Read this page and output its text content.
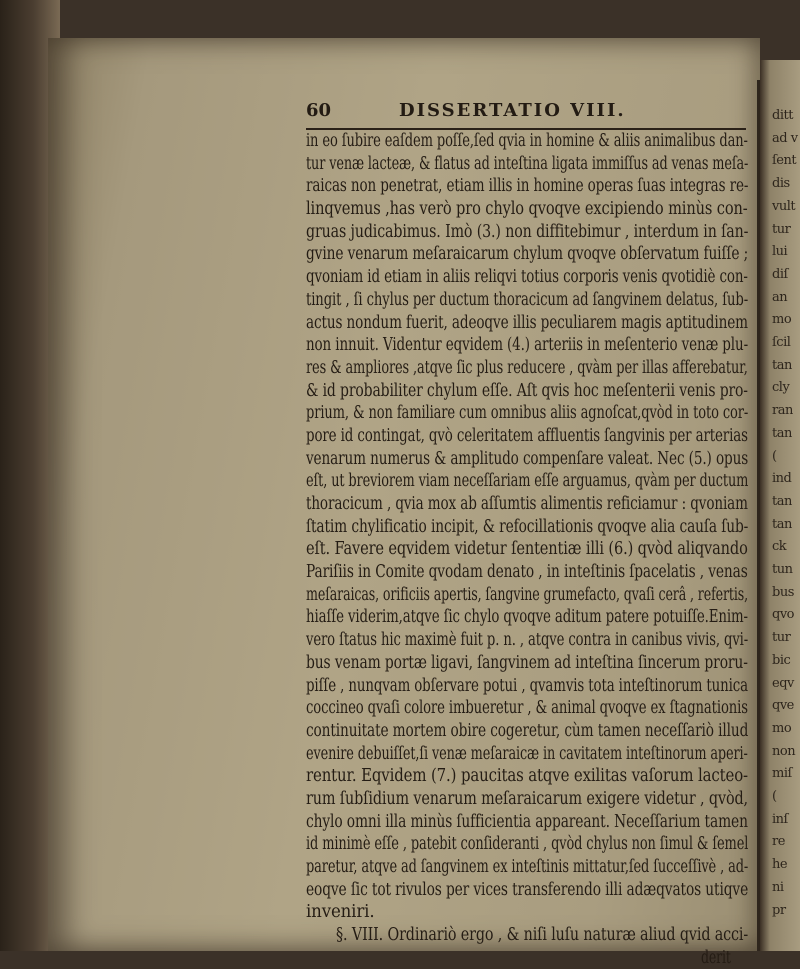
60	DISSERTATIO VIII.
in eo ſubire eaſdem poſſe,ſed qvia in homine & aliis animalibus dan-
tur venæ lacteæ, & flatus ad inteſtina ligata immiſſus ad venas meſa-
raicas non penetrat, etiam illis in homine operas ſuas integras re-
linqvemus ,has verò pro chylo qvoqve excipiendo minùs con-
gruas judicabimus. Imò (3.) non diffitebimur , interdum in ſan-
gvine venarum meſaraicarum chylum qvoqve obſervatum fuiſſe ;
qvoniam id etiam in aliis reliqvi totius corporis venis qvotidiè con-
tingit , ſi chylus per ductum thoracicum ad ſangvinem delatus, ſub-
actus nondum fuerit, adeoqve illis peculiarem magis aptitudinem
non innuit. Videntur eqvidem (4.) arteriis in meſenterio venæ plu-
res & ampliores ,atqve ſic plus reducere , qvàm per illas afferebatur,
& id probabiliter chylum eſſe. Aſt qvis hoc meſenterii venis pro-
prium, & non familiare cum omnibus aliis agnoſcat,qvòd in toto cor-
pore id contingat, qvò celeritatem affluentis ſangvinis per arterias
venarum numerus & amplitudo compenſare valeat. Nec (5.) opus
eſt, ut breviorem viam neceſſariam eſſe arguamus, qvàm per ductum
thoracicum , qvia mox ab aſſumtis alimentis reficiamur : qvoniam
ſtatim chylificatio incipit, & refocillationis qvoqve alia cauſa ſub-
eſt. Favere eqvidem videtur ſententiæ illi (6.) qvòd aliqvando
Pariſiis in Comite qvodam denato , in inteſtinis ſpacelatis , venas
meſaraicas, orificiis apertis, ſangvine grumefacto, qvaſi cerâ , refertis,
hiaſſe viderim,atqve ſic chylo qvoqve aditum patere potuiſſe.Enim-
vero ſtatus hic maximè fuit p. n. , atqve contra in canibus vivis, qvi-
bus venam portæ ligavi, ſangvinem ad inteſtina ſincerum proru-
piſſe , nunqvam obſervare potui , qvamvis tota inteſtinorum tunica
coccineo qvaſi colore imbueretur , & animal qvoqve ex ſtagnationis
continuitate mortem obire cogeretur, cùm tamen neceſſariò illud
evenire debuiſſet,ſi venæ meſaraicæ in cavitatem inteſtinorum aperi-
rentur. Eqvidem (7.) paucitas atqve exilitas vaſorum lacteo-
rum ſubſidium venarum meſaraicarum exigere videtur , qvòd,
chylo omni illa minùs ſufficientia appareant. Neceſſarium tamen
id minimè eſſe , patebit conſideranti , qvòd chylus non ſimul & ſemel
paretur, atqve ad ſangvinem ex inteſtinis mittatur,ſed ſucceſſivè , ad-
eoqve ſic tot rivulos per vices transferendo illi adæqvatos utiqve
inveniri.
§. VIII. Ordinariò ergo , & niſi luſu naturæ aliud qvid acci-
derit
ditt
ad v
ſent
dis
vult
tur
lui
diſ
an
mo
ſcil
tan
cly
ran
tan
(
ind
tan
tan
ck
tun
bus
qvo
tur
bic
eqv
qve
mo
non
miſ
(
inſ
re
he
ni
pr
